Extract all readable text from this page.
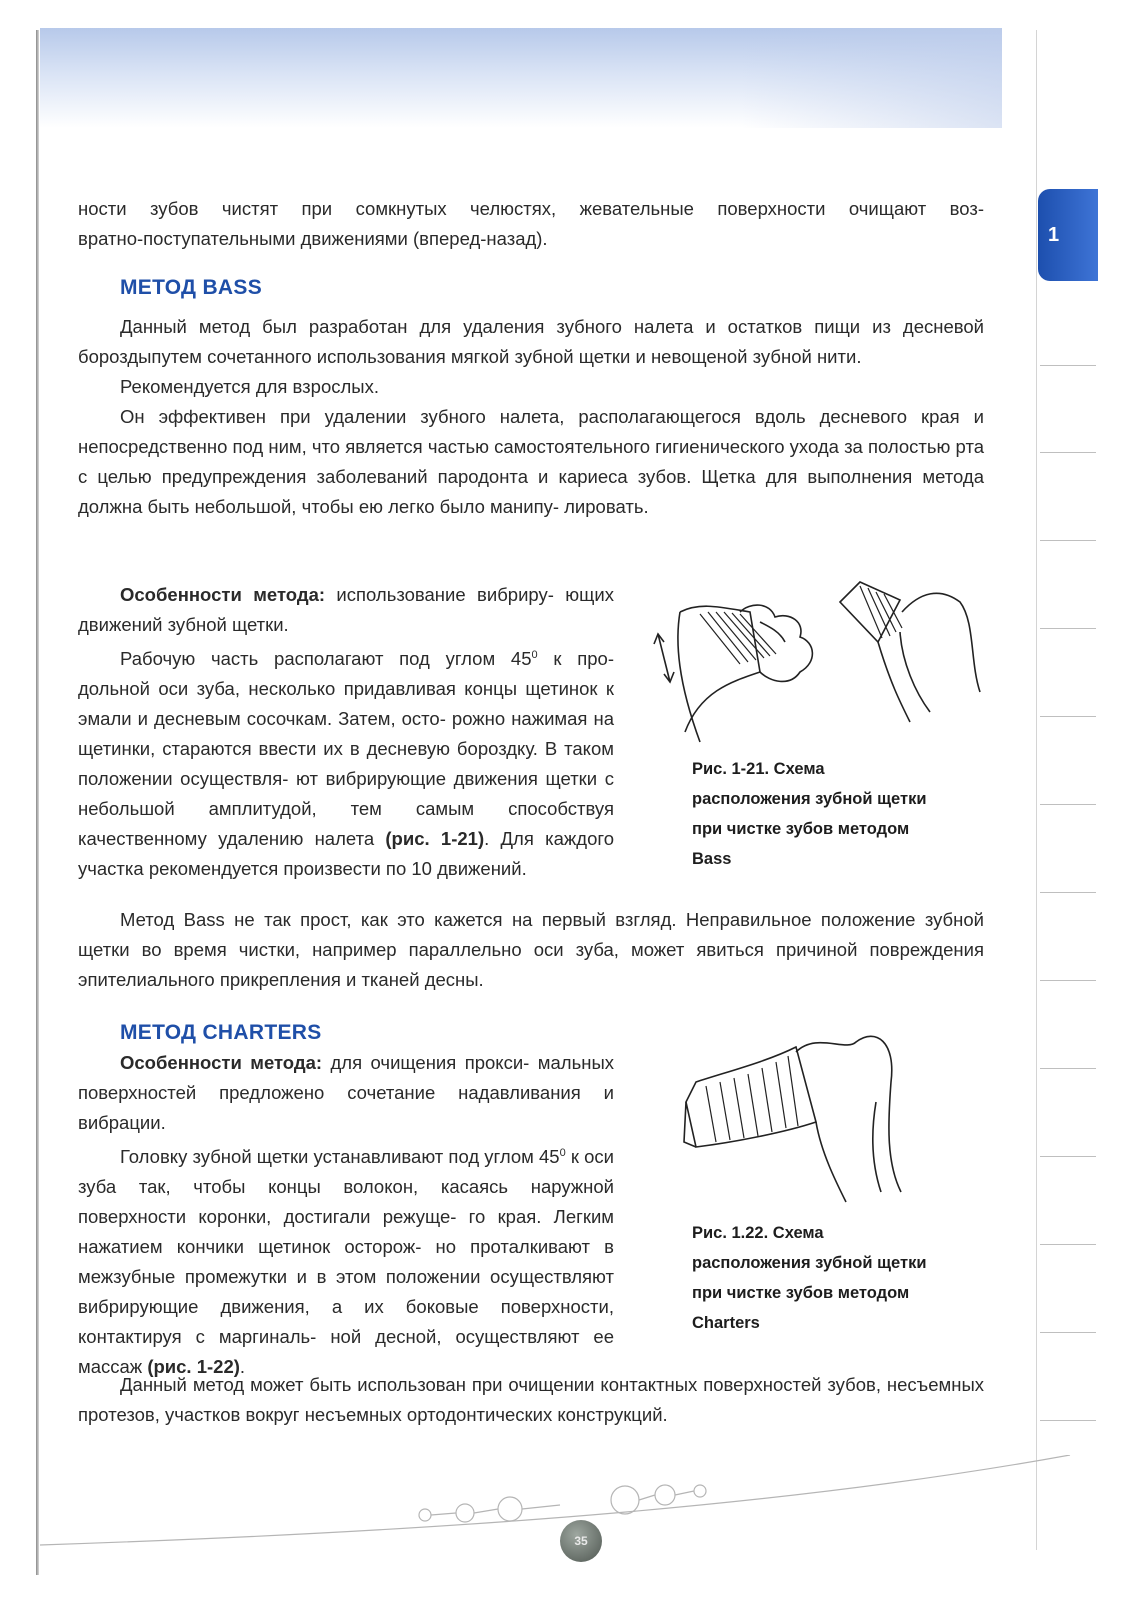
1

ности зубов чистят при сомкнутых челюстях, жевательные поверхности очищают воз-

вратно-поступательными движениями (вперед-назад).

МЕТОД BASS

Данный метод был разработан для удаления зубного налета и остатков пищи из десневой бороздыпутем сочетанного использования мягкой зубной щетки и невощеной зубной нити.

Рекомендуется для взрослых.

Он эффективен при удалении зубного налета, располагающегося вдоль десневого края и непосредственно под ним, что является частью самостоятельного гигиенического ухода за полостью рта с целью предупреждения заболеваний пародонта и кариеса зубов. Щетка для выполнения метода должна быть небольшой, чтобы ею легко было манипу- лировать.

Особенности метода: использование вибриру- ющих движений зубной щетки.

Рабочую часть располагают под углом $45^0$ к про- дольной оси зуба, несколько придавливая концы щетинок к эмали и десневым сосочкам. Затем, осто- рожно нажимая на щетинки, стараются ввести их в десневую бороздку. В таком положении осуществля- ют вибрирующие движения щетки с небольшой амплитудой, тем самым способствуя качественному удалению налета (рис. 1-21). Для каждого участка рекомендуется произвести по 10 движений.

Метод Bass не так прост, как это кажется на первый взгляд. Неправильное положение зубной щетки во время чистки, например параллельно оси зуба, может явиться причиной повреждения эпителиального прикрепления и тканей десны.

Рис. 1-21. Схема
расположения зубной щетки
при чистке зубов методом
Bass
МЕТОД CHARTERS

Особенности метода: для очищения прокси- мальных поверхностей предложено сочетание надавливания и вибрации.

Головку зубной щетки устанавливают под углом $45^0$ к оси зуба так, чтобы концы волокон, касаясь наружной поверхности коронки, достигали режуще- го края. Легким нажатием кончики щетинок осторож- но проталкивают в межзубные промежутки и в этом положении осуществляют вибрирующие движения, а их боковые поверхности, контактируя с маргиналь- ной десной, осуществляют ее массаж (рис. 1-22).

Данный метод может быть использован при очищении контактных поверхностей зубов, несъемных протезов, участков вокруг несъемных ортодонтических конструкций.

Рис. 1.22. Схема
расположения зубной щетки
при чистке зубов методом
Charters
35
